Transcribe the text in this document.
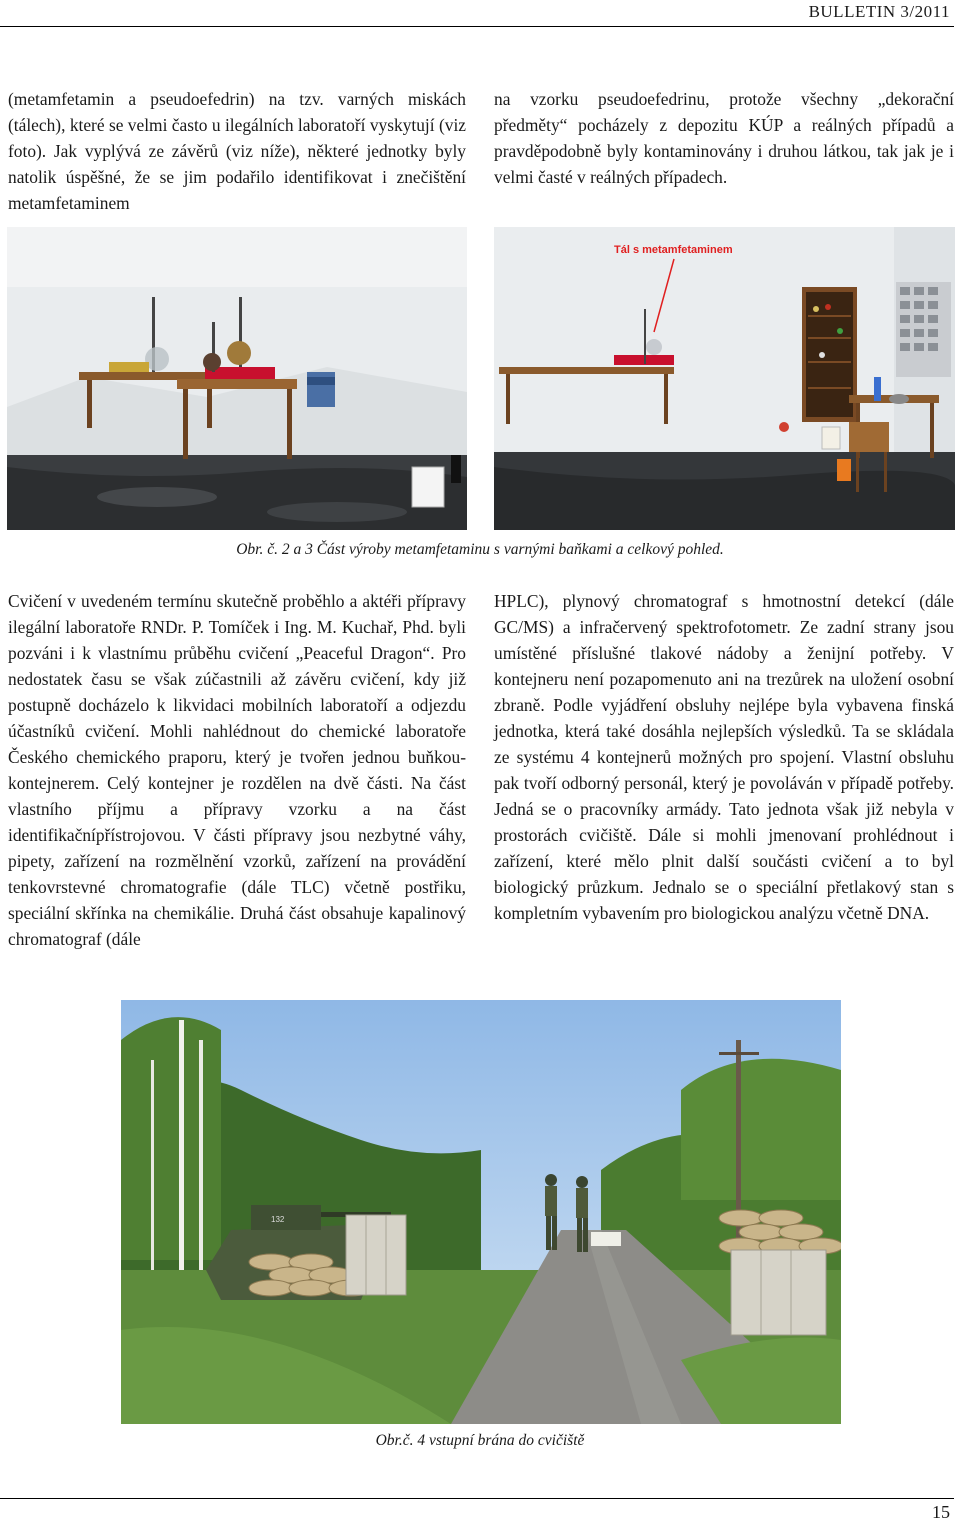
BULLETIN 3/2011

(metamfetamin a pseudoefedrin) na tzv. varných miskách (tálech), které se velmi často u ilegálních laboratoří vyskytují (viz foto). Jak vyplývá ze závěrů (viz níže), některé jednotky byly natolik úspěšné, že se jim podařilo identifikovat i znečištění metamfetaminem

na vzorku pseudoefedrinu, protože všechny „dekorační předměty“ pocházely z depozitu KÚP a reálných případů a pravděpodobně byly kontaminovány i druhou látkou, tak jak je i velmi časté v reálných případech.

Tál s metamfetaminem
Obr. č. 2 a 3 Část výroby metamfetaminu s varnými baňkami a celkový pohled.

Cvičení v uvedeném termínu skutečně proběhlo a aktéři přípravy ilegální laboratoře RNDr. P. Tomíček i Ing. M. Kuchař, Phd. byli pozváni i k vlastnímu průběhu cvičení „Peaceful Dragon“. Pro nedostatek času se však zúčastnili až závěru cvičení, kdy již postupně docházelo k likvidaci mobilních laboratoří a odjezdu účastníků cvičení. Mohli nahlédnout do chemické laboratoře Českého chemického praporu, který je tvořen jednou buňkou-kontejnerem. Celý kontejner je rozdělen na dvě části. Na část vlastního příjmu a přípravy vzorku a na část identifikačnípřístrojovou. V části přípravy jsou nezbytné váhy, pipety, zařízení na rozmělnění vzorků, zařízení na provádění tenkovrstevné chromatografie (dále TLC) včetně postřiku, speciální skřínka na chemikálie. Druhá část obsahuje kapalinový chromatograf (dále

HPLC), plynový chromatograf s hmotnostní detekcí (dále GC/MS) a infračervený spektrofotometr. Ze zadní strany jsou umístěné příslušné tlakové nádoby a ženijní potřeby. V kontejneru není pozapomenuto ani na trezůrek na uložení osobní zbraně. Podle vyjádření obsluhy nejlépe byla vybavena finská jednotka, která také dosáhla nejlepších výsledků. Ta se skládala ze systému 4 kontejnerů možných pro spojení. Vlastní obsluhu pak tvoří odborný personál, který je povoláván v případě potřeby. Jedná se o pracovníky armády. Tato jednota však již nebyla v prostorách cvičiště. Dále si mohli jmenovaní prohlédnout i zařízení, které mělo plnit další součásti cvičení a to byl biologický průzkum. Jednalo se o speciální přetlakový stan s kompletním vybavením pro biologickou analýzu včetně DNA.

132
Obr.č. 4 vstupní brána do cvičiště
15
